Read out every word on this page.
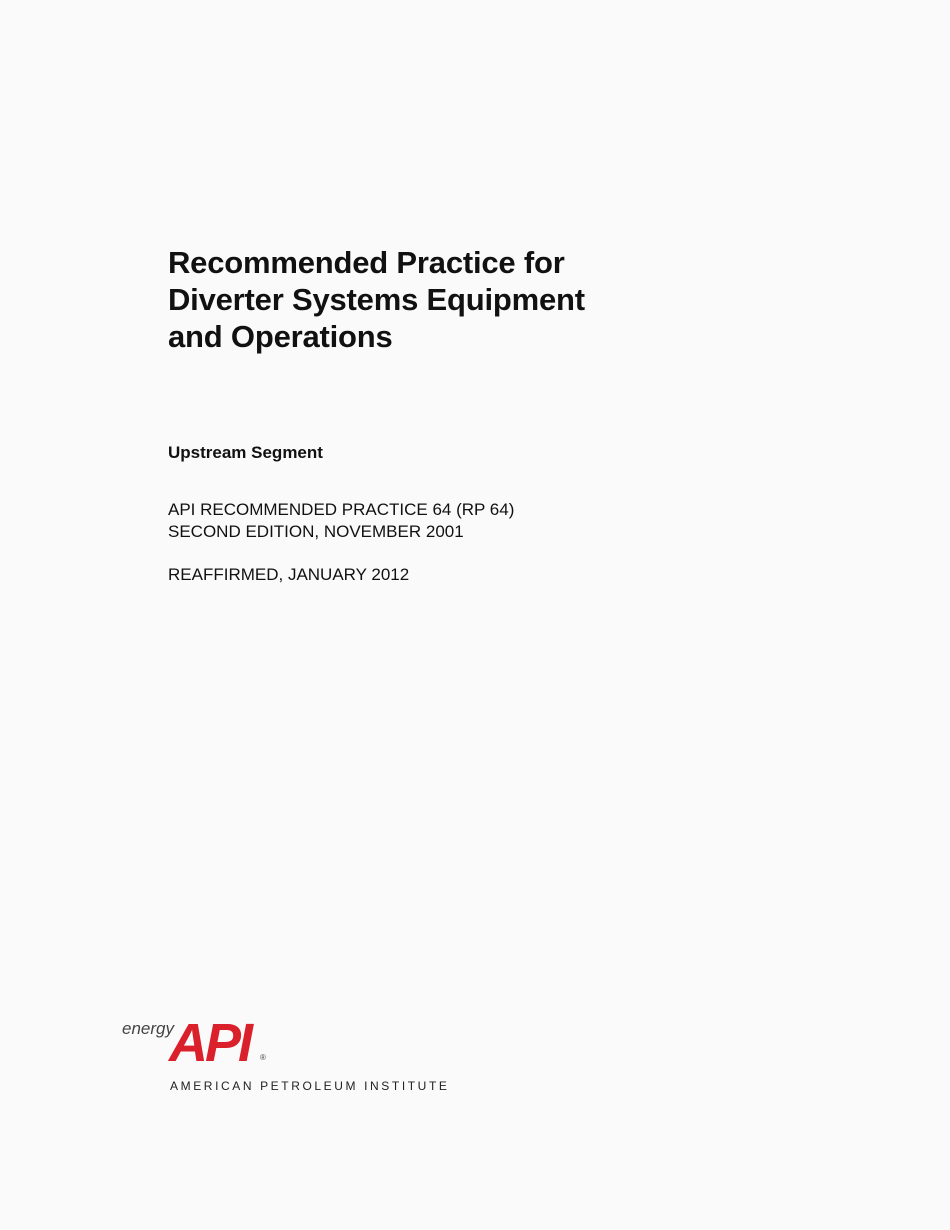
Recommended Practice for
Diverter Systems Equipment
and Operations

Upstream Segment

API RECOMMENDED PRACTICE 64 (RP 64)
SECOND EDITION, NOVEMBER 2001

REAFFIRMED, JANUARY 2012

energy
API	®
AMERICAN PETROLEUM INSTITUTE
